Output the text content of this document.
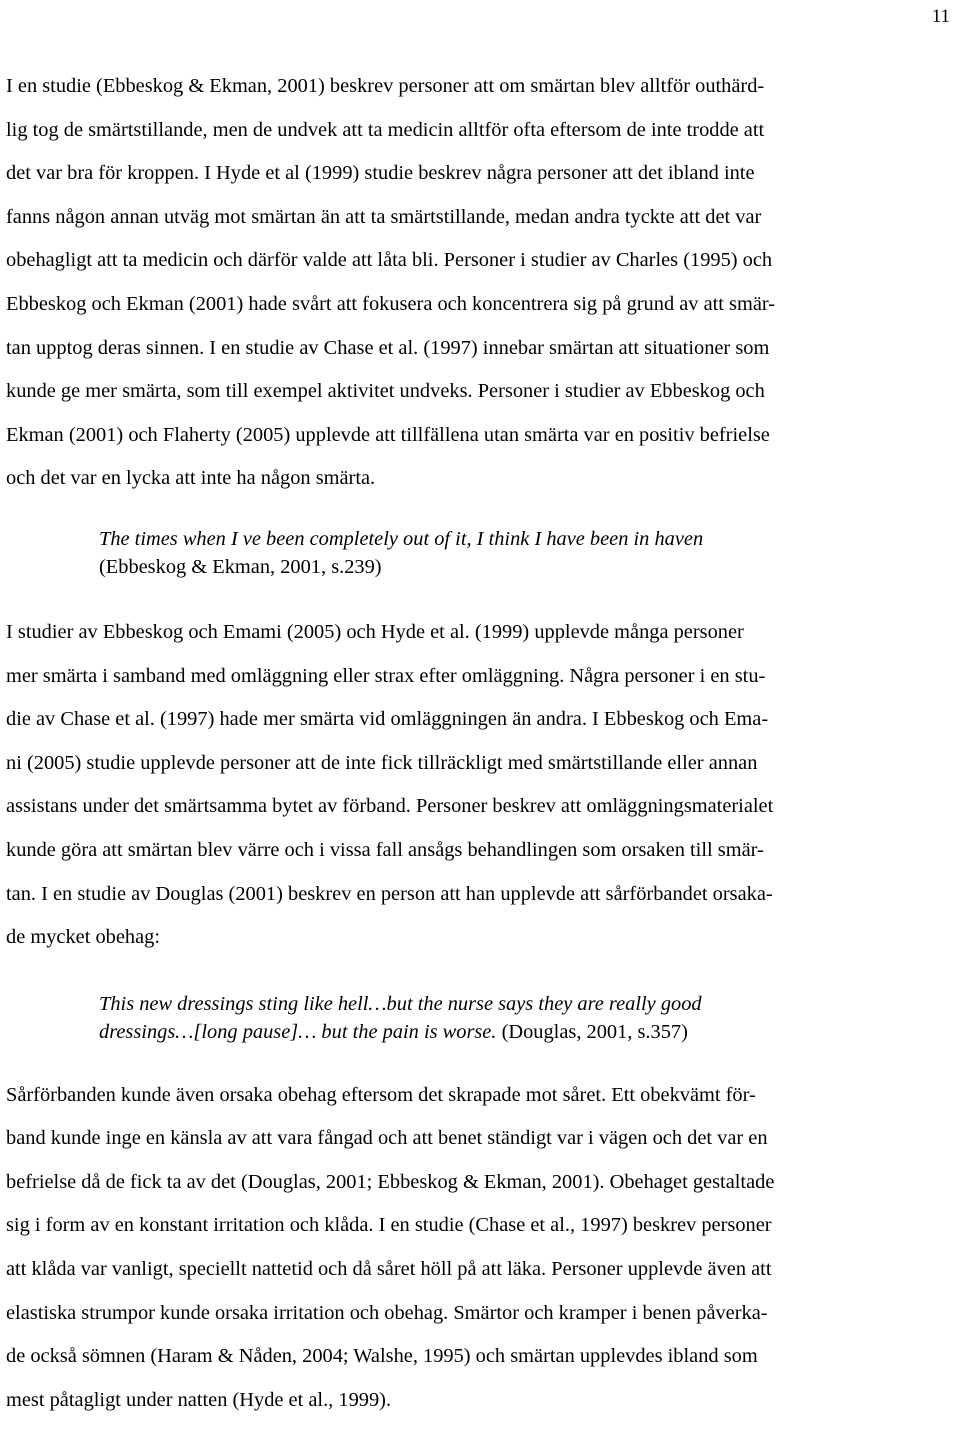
11

I en studie (Ebbeskog & Ekman, 2001) beskrev personer att om smärtan blev alltför outhärd-
lig tog de smärtstillande, men de undvek att ta medicin alltför ofta eftersom de inte trodde att
det var bra för kroppen. I Hyde et al (1999) studie beskrev några personer att det ibland inte
fanns någon annan utväg mot smärtan än att ta smärtstillande, medan andra tyckte att det var
obehagligt att ta medicin och därför valde att låta bli. Personer i studier av Charles (1995) och
Ebbeskog och Ekman (2001) hade svårt att fokusera och koncentrera sig på grund av att smär-
tan upptog deras sinnen. I en studie av Chase et al. (1997) innebar smärtan att situationer som
kunde ge mer smärta, som till exempel aktivitet undveks. Personer i studier av Ebbeskog och
Ekman (2001) och Flaherty (2005) upplevde att tillfällena utan smärta var en positiv befrielse
och det var en lycka att inte ha någon smärta.

The times when I ve been completely out of it, I think I have been in haven
(Ebbeskog & Ekman, 2001, s.239)

I studier av Ebbeskog och Emami (2005) och Hyde et al. (1999) upplevde många personer
mer smärta i samband med omläggning eller strax efter omläggning. Några personer i en stu-
die av Chase et al. (1997) hade mer smärta vid omläggningen än andra. I Ebbeskog och Ema-
ni (2005) studie upplevde personer att de inte fick tillräckligt med smärtstillande eller annan
assistans under det smärtsamma bytet av förband. Personer beskrev att omläggningsmaterialet
kunde göra att smärtan blev värre och i vissa fall ansågs behandlingen som orsaken till smär-
tan. I en studie av Douglas (2001) beskrev en person att han upplevde att sårförbandet orsaka-
de mycket obehag:

This new dressings sting like hell…but the nurse says they are really good
dressings…[long pause]… but the pain is worse. (Douglas, 2001, s.357)

Sårförbanden kunde även orsaka obehag eftersom det skrapade mot såret. Ett obekvämt för-
band kunde inge en känsla av att vara fångad och att benet ständigt var i vägen och det var en
befrielse då de fick ta av det (Douglas, 2001; Ebbeskog & Ekman, 2001). Obehaget gestaltade
sig i form av en konstant irritation och klåda. I en studie (Chase et al., 1997) beskrev personer
att klåda var vanligt, speciellt nattetid och då såret höll på att läka. Personer upplevde även att
elastiska strumpor kunde orsaka irritation och obehag. Smärtor och kramper i benen påverka-
de också sömnen (Haram & Nåden, 2004; Walshe, 1995) och smärtan upplevdes ibland som
mest påtagligt under natten (Hyde et al., 1999).
